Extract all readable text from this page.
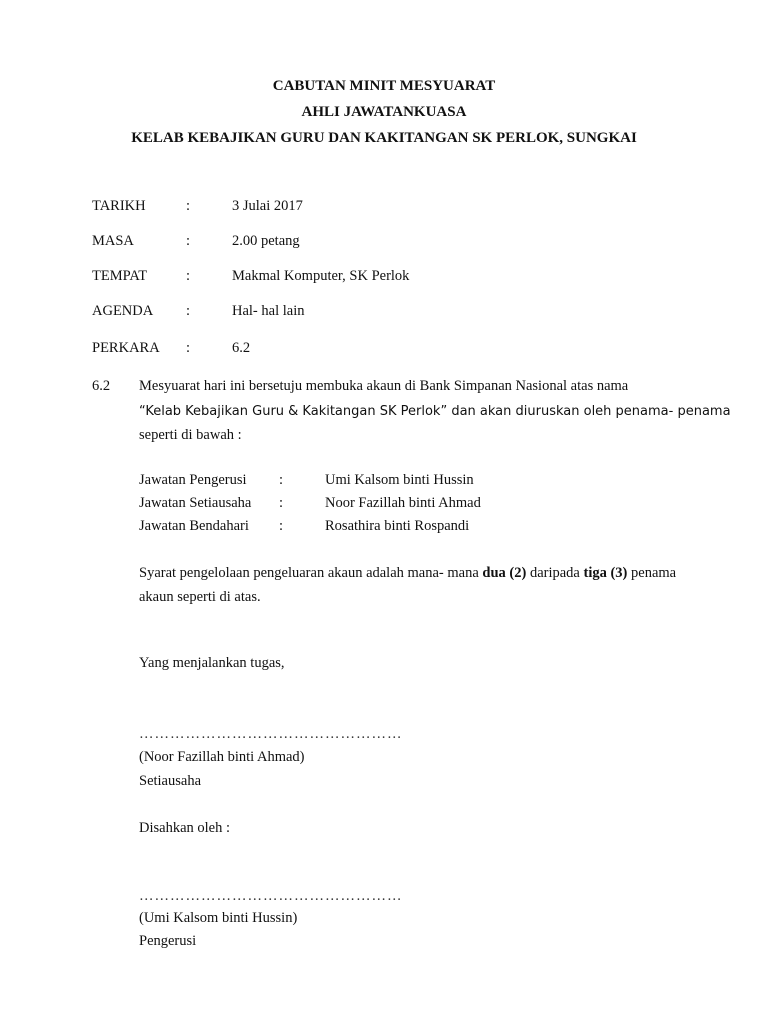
CABUTAN MINIT MESYUARAT
AHLI JAWATANKUASA
KELAB KEBAJIKAN GURU DAN KAKITANGAN SK PERLOK, SUNGKAI
TARIKH	:	3 Julai 2017
MASA	:	2.00 petang
TEMPAT	:	Makmal Komputer, SK Perlok
AGENDA :	Hal- hal lain
PERKARA :	6.2
6.2 Mesyuarat hari ini bersetuju membuka akaun di Bank Simpanan Nasional atas nama
“Kelab Kebajikan Guru & Kakitangan SK Perlok” dan akan diuruskan oleh penama- penama
seperti di bawah :
Jawatan Pengerusi :	Umi Kalsom binti Hussin
Jawatan Setiausaha :	Noor Fazillah binti Ahmad
Jawatan Bendahari :	Rosathira binti Rospandi
Syarat pengelolaan pengeluaran akaun adalah mana- mana dua (2) daripada tiga (3) penama
akaun seperti di atas.
Yang menjalankan tugas,
……………………………………………
(Noor Fazillah binti Ahmad)
Setiausaha
Disahkan oleh :
……………………………………………
(Umi Kalsom binti Hussin)
Pengerusi
